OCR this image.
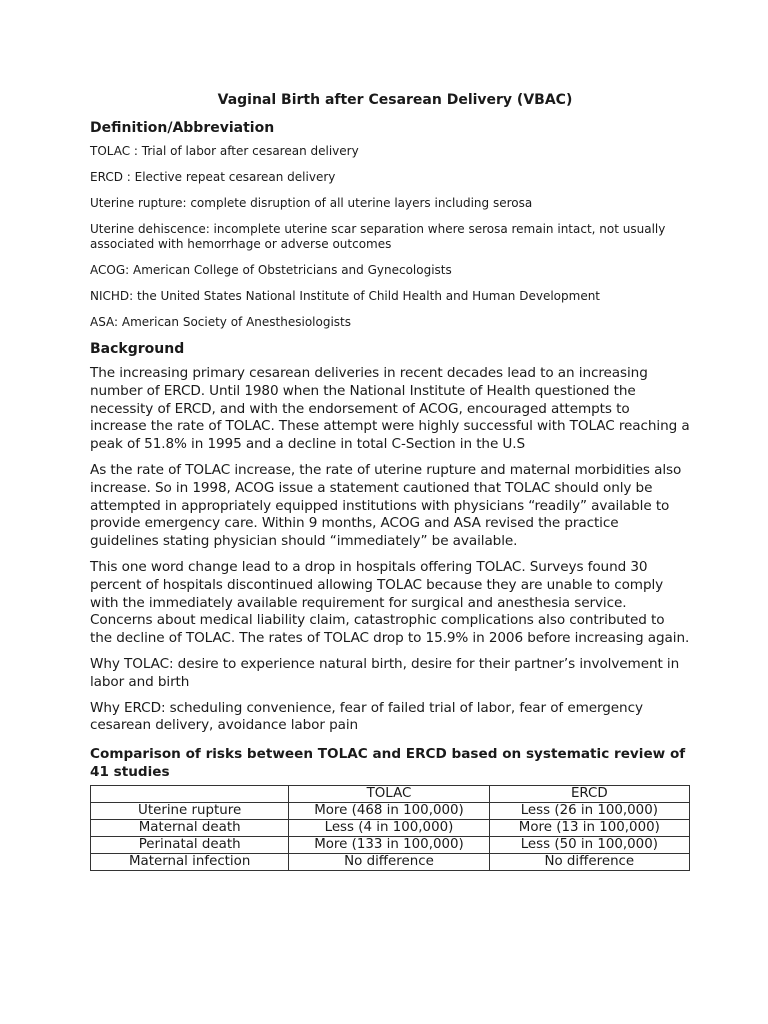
Vaginal Birth after Cesarean Delivery (VBAC)
Definition/Abbreviation
TOLAC : Trial of labor after cesarean delivery
ERCD : Elective repeat cesarean delivery
Uterine rupture: complete disruption of all uterine layers including serosa
Uterine dehiscence: incomplete uterine scar separation where serosa remain intact, not usually associated with hemorrhage or adverse outcomes
ACOG: American College of Obstetricians and Gynecologists
NICHD: the United States National Institute of Child Health and Human Development
ASA: American Society of Anesthesiologists
Background
The increasing primary cesarean deliveries in recent decades lead to an increasing number of ERCD. Until 1980 when the National Institute of Health questioned the necessity of ERCD, and with the endorsement of ACOG, encouraged attempts to increase the rate of TOLAC. These attempt were highly successful with TOLAC reaching a peak of 51.8% in 1995 and a decline in total C-Section in the U.S
As the rate of TOLAC increase, the rate of uterine rupture and maternal morbidities also increase. So in 1998, ACOG issue a statement cautioned that TOLAC should only be attempted in appropriately equipped institutions with physicians “readily” available to provide emergency care. Within 9 months, ACOG and ASA revised the practice guidelines stating physician should “immediately” be available.
This one word change lead to a drop in hospitals offering TOLAC. Surveys found 30 percent of hospitals discontinued allowing TOLAC because they are unable to comply with the immediately available requirement for surgical and anesthesia service. Concerns about medical liability claim, catastrophic complications also contributed to the decline of TOLAC. The rates of TOLAC drop to 15.9% in 2006 before increasing again.
Why TOLAC: desire to experience natural birth, desire for their partner’s involvement in labor and birth
Why ERCD: scheduling convenience, fear of failed trial of labor, fear of emergency cesarean delivery, avoidance labor pain
Comparison of risks between TOLAC and ERCD based on systematic review of 41 studies
	TOLAC	ERCD
Uterine rupture	More (468 in 100,000)	Less (26 in 100,000)
Maternal death	Less (4 in 100,000)	More (13 in 100,000)
Perinatal death	More (133 in 100,000)	Less (50 in 100,000)
Maternal infection	No difference	No difference
